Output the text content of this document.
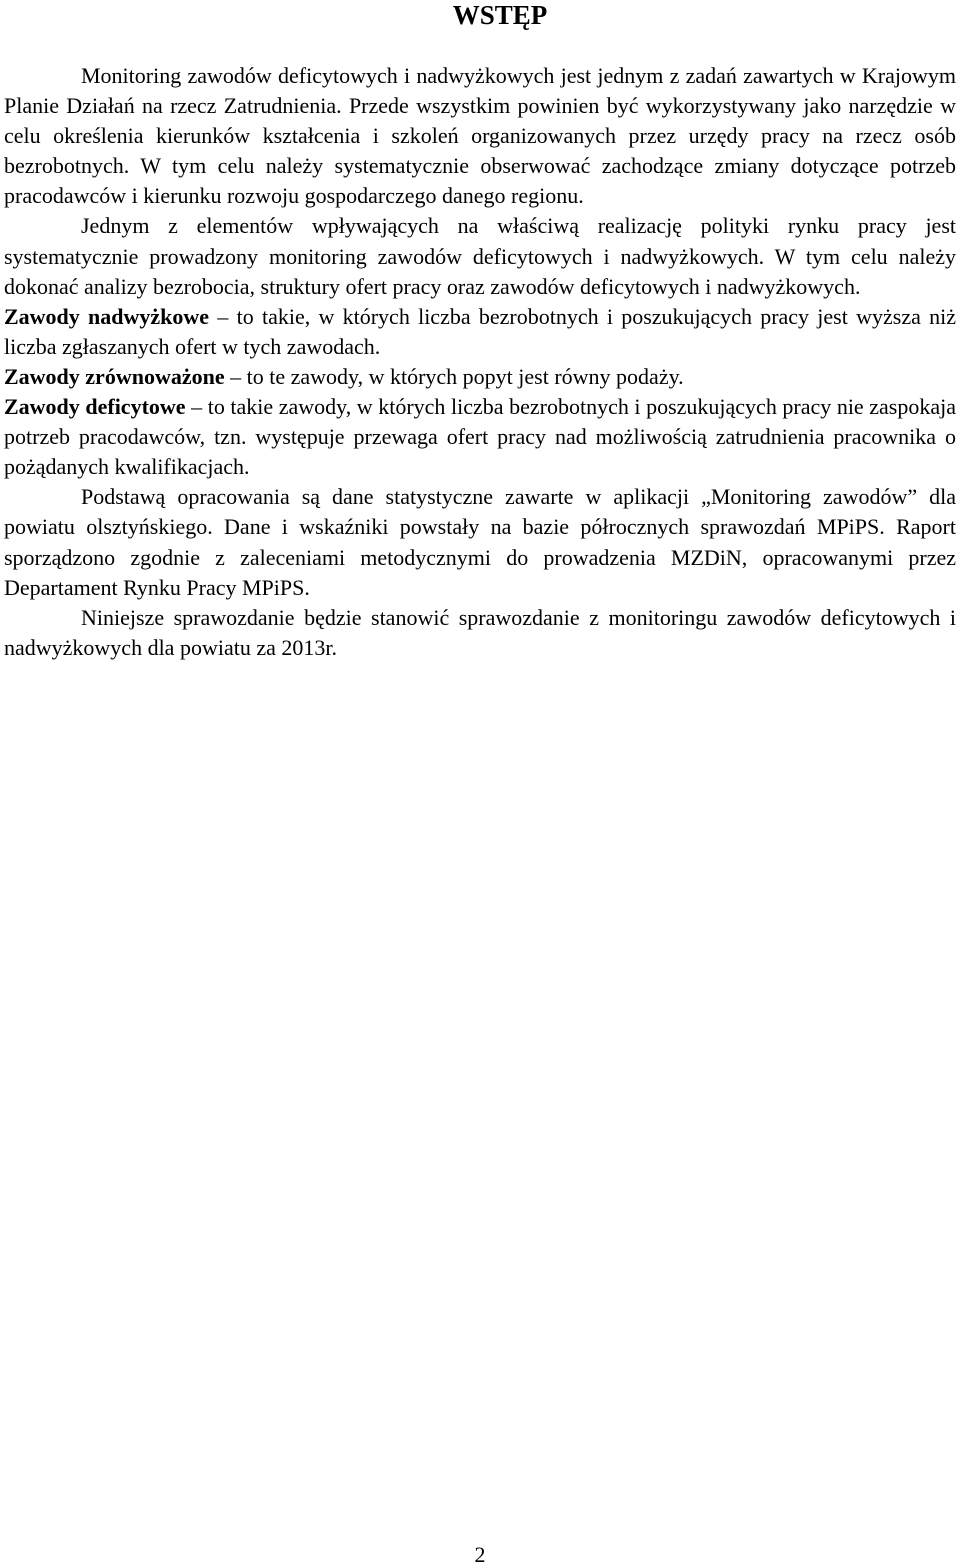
WSTĘP

Monitoring zawodów deficytowych i nadwyżkowych jest jednym z zadań zawartych w Krajowym Planie Działań na rzecz Zatrudnienia. Przede wszystkim powinien być wykorzystywany jako narzędzie w celu określenia kierunków kształcenia i szkoleń organizowanych przez urzędy pracy na rzecz osób bezrobotnych. W tym celu należy systematycznie obserwować zachodzące zmiany dotyczące potrzeb pracodawców i kierunku rozwoju gospodarczego danego regionu.

Jednym z elementów wpływających na właściwą realizację polityki rynku pracy jest systematycznie prowadzony monitoring zawodów deficytowych i nadwyżkowych. W tym celu należy dokonać analizy bezrobocia, struktury ofert pracy oraz zawodów deficytowych i nadwyżkowych.

Zawody nadwyżkowe – to takie, w których liczba bezrobotnych i poszukujących pracy jest wyższa niż liczba zgłaszanych ofert w tych zawodach.

Zawody zrównoważone – to te zawody, w których popyt jest równy podaży.

Zawody deficytowe – to takie zawody, w których liczba bezrobotnych i poszukujących pracy nie zaspokaja potrzeb pracodawców, tzn. występuje przewaga ofert pracy nad możliwością zatrudnienia pracownika o pożądanych kwalifikacjach.

Podstawą opracowania są dane statystyczne zawarte w aplikacji „Monitoring zawodów” dla powiatu olsztyńskiego. Dane i wskaźniki powstały na bazie półrocznych sprawozdań MPiPS. Raport sporządzono zgodnie z zaleceniami metodycznymi do prowadzenia MZDiN, opracowanymi przez Departament Rynku Pracy MPiPS.

Niniejsze sprawozdanie będzie stanowić sprawozdanie z monitoringu zawodów deficytowych i nadwyżkowych dla powiatu za 2013r.

2
